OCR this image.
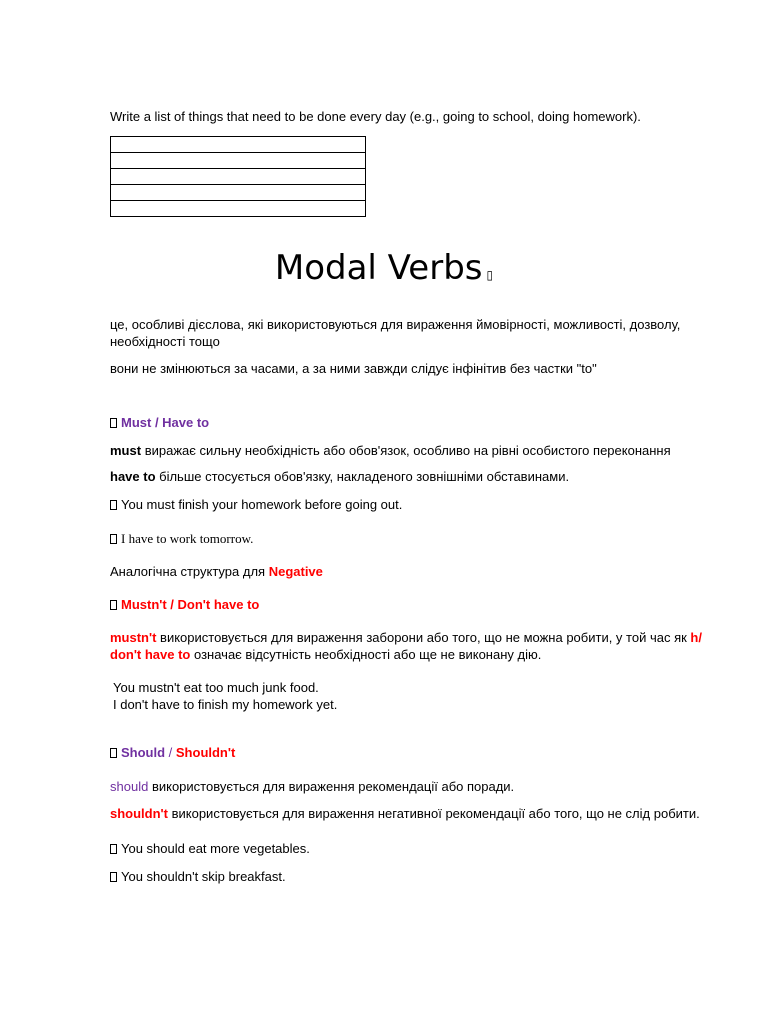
Write a list of things that need to be done every day (e.g., going to school, doing homework).

Modal Verbs ▯
це, особливі дієслова, які використовуються для вираження ймовірності, можливості, дозволу, необхідності тощо
вони не змінюються за часами, а за ними завжди слідує інфінітив без частки "to"
Must / Have to
must виражає сильну необхідність або обов'язок, особливо на рівні особистого переконання
have to більше стосується обов'язку, накладеного зовнішніми обставинами.
You must finish your homework before going out.
I have to work tomorrow.
Аналогічна структура для Negative
Mustn't / Don't have to
mustn't використовується для вираження заборони або того, що не можна робити, у той час як h/
don't have to означає відсутність необхідності або ще не виконану дію.
You mustn't eat too much junk food.
I don't have to finish my homework yet.
Should / Shouldn't
should використовується для вираження рекомендації або поради.
shouldn't використовується для вираження негативної рекомендації або того, що не слід робити.
You should eat more vegetables.
You shouldn't skip breakfast.
